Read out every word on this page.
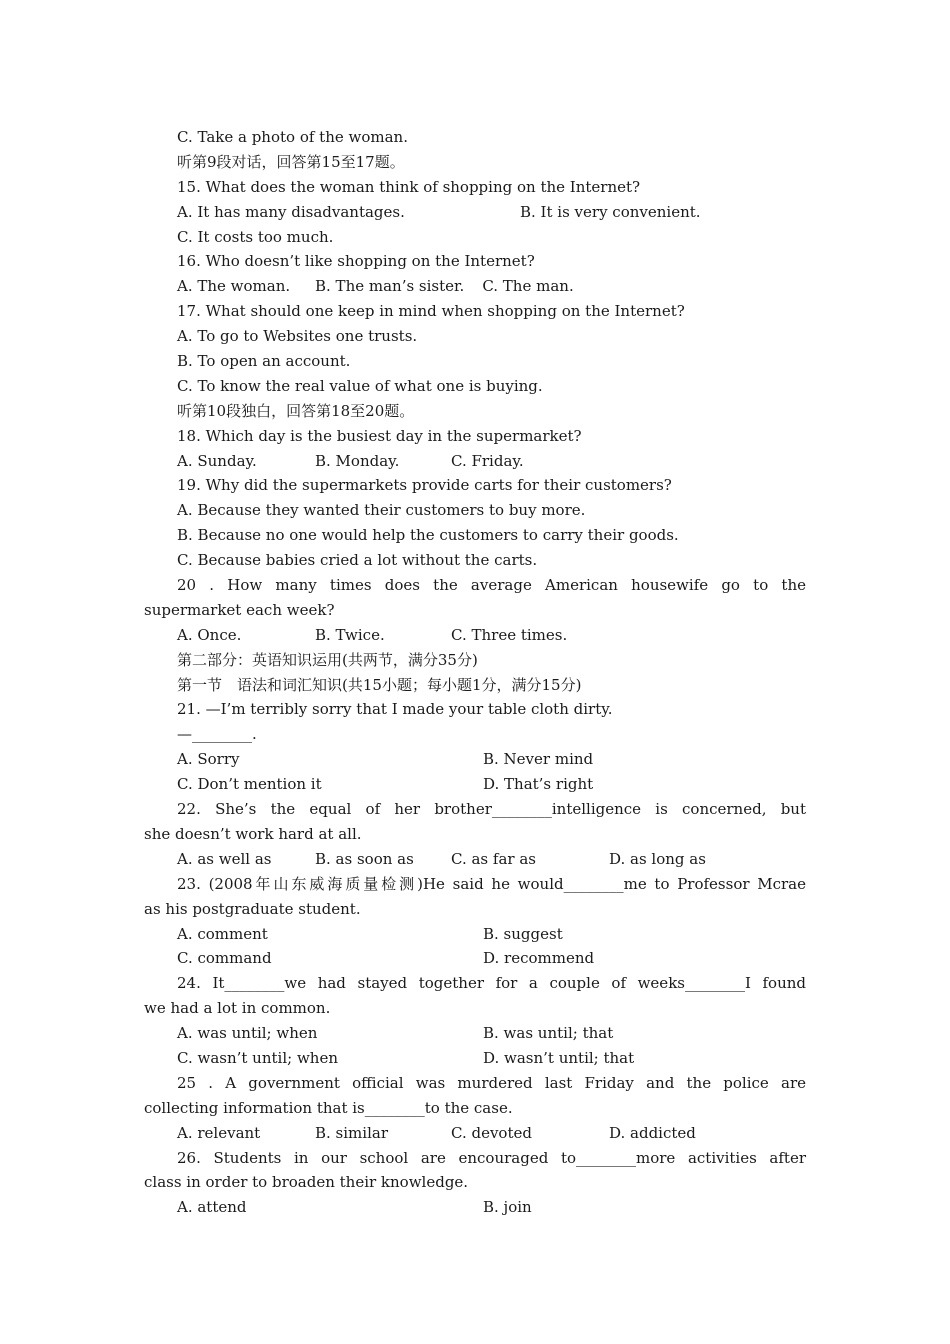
C. Take a photo of the woman.
听第9段对话，回答第15至17题。
15. What does the woman think of shopping on the Internet?
A. It has many disadvantages.	B. It is very convenient.
C. It costs too much.
16. Who doesn’t like shopping on the Internet?
A. The woman.	B. The man’s sister.	C. The man.
17. What should one keep in mind when shopping on the Internet?
A. To go to Websites one trusts.
B. To open an account.
C. To know the real value of what one is buying.
听第10段独白，回答第18至20题。
18. Which day is the busiest day in the supermarket?
A. Sunday.	B. Monday.	C. Friday.
19. Why did the supermarkets provide carts for their customers?
A. Because they wanted their customers to buy more.
B. Because no one would help the customers to carry their goods.
C. Because babies cried a lot without the carts.
20 . How many times does the average American housewife go to the
supermarket each week?
A. Once.	B. Twice.	C. Three times.
第二部分：英语知识运用(共两节，满分35分)
第一节　语法和词汇知识(共15小题；每小题1分，满分15分)
21. —I’m terribly sorry that I made your table cloth dirty.
—________.
A. Sorry	B. Never mind
C. Don’t mention it	D. That’s right
22. She’s the equal of her brother________intelligence is concerned, but
she doesn’t work hard at all.
A. as well as	B. as soon as	C. as far as	D. as long as
23. (2008年山东威海质量检测)He said he would________me to Professor Mcrae
as his postgraduate student.
A. comment	B. suggest
C. command	D. recommend
24. It________we had stayed together for a couple of weeks________I found
we had a lot in common.
A. was until; when	B. was until; that
C. wasn’t until; when	D. wasn’t until; that
25 . A government official was murdered last Friday and the police are
collecting information that is________to the case.
A. relevant	B. similar	C. devoted	D. addicted
26. Students in our school are encouraged to________more activities after
class in order to broaden their knowledge.
A. attend	B. join
